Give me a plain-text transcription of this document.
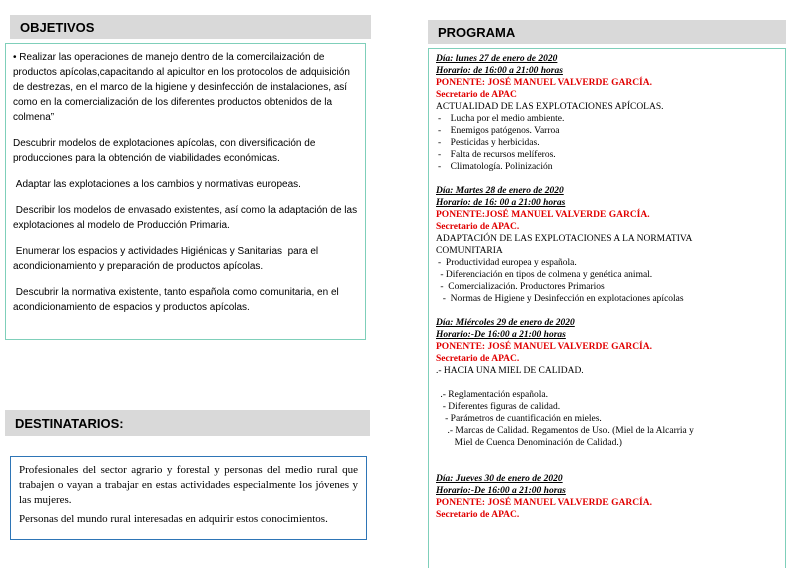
OBJETIVOS

• Realizar las operaciones de manejo dentro de la comercilaización de productos apícolas,capacitando al apicultor en los protocolos de adquisición de destrezas, en el marco de la higiene y desinfección de instalaciones, así como en la comercialización de los diferentes productos obtenidos de la colmena”

Descubrir modelos de explotaciones apícolas, con diversificación de producciones para la obtención de viabilidades económicas.

Adaptar las explotaciones a los cambios y normativas europeas.

Describir los modelos de envasado existentes, así como la adaptación de las explotaciones al modelo de Producción Primaria.

Enumerar los espacios y actividades Higiénicas y Sanitarias  para el acondicionamiento y preparación de productos apícolas.

Descubrir la normativa existente, tanto española como comunitaria, en el acondicionamiento de espacios y productos apícolas.

DESTINATARIOS:

Profesionales del sector agrario y forestal y personas del medio rural que trabajen o vayan a trabajar en estas actividades especialmente los jóvenes y las mujeres.

Personas del mundo rural interesadas en adquirir estos conocimientos.

PROGRAMA
Día: lunes 27 de enero de 2020
Horario: de 16:00 a 21:00 horas
PONENTE: JOSÉ MANUEL VALVERDE GARCÍA.
Secretario de APAC
ACTUALIDAD DE LAS EXPLOTACIONES APÍCOLAS.
-    Lucha por el medio ambiente.
-    Enemigos patógenos. Varroa
-    Pesticidas y herbicidas.
-    Falta de recursos melíferos.
-    Climatología. Polinización
Día: Martes 28 de enero de 2020
Horario: de 16: 00 a 21:00 horas
PONENTE:JOSÉ MANUEL VALVERDE GARCÍA.
Secretario de APAC.
ADAPTACIÓN DE LAS EXPLOTACIONES A LA NORMATIVA COMUNITARIA
-  Productividad europea y española.
- Diferenciación en tipos de colmena y genética animal.
-  Comercialización. Productores Primarios
-  Normas de Higiene y Desinfección en explotaciones apícolas
Día: Miércoles 29 de enero de 2020
Horario:-De 16:00 a 21:00 horas
PONENTE: JOSÉ MANUEL VALVERDE GARCÍA.
Secretario de APAC.
.- HACIA UNA MIEL DE CALIDAD.
.- Reglamentación española.
- Diferentes figuras de calidad.
- Parámetros de cuantificación en mieles.
.- Marcas de Calidad. Regamentos de Uso. (Miel de la Alcarria y
Miel de Cuenca Denominación de Calidad.)
Día: Jueves 30 de enero de 2020
Horario:-De 16:00 a 21:00 horas
PONENTE: JOSÉ MANUEL VALVERDE GARCÍA.
Secretario de APAC.
